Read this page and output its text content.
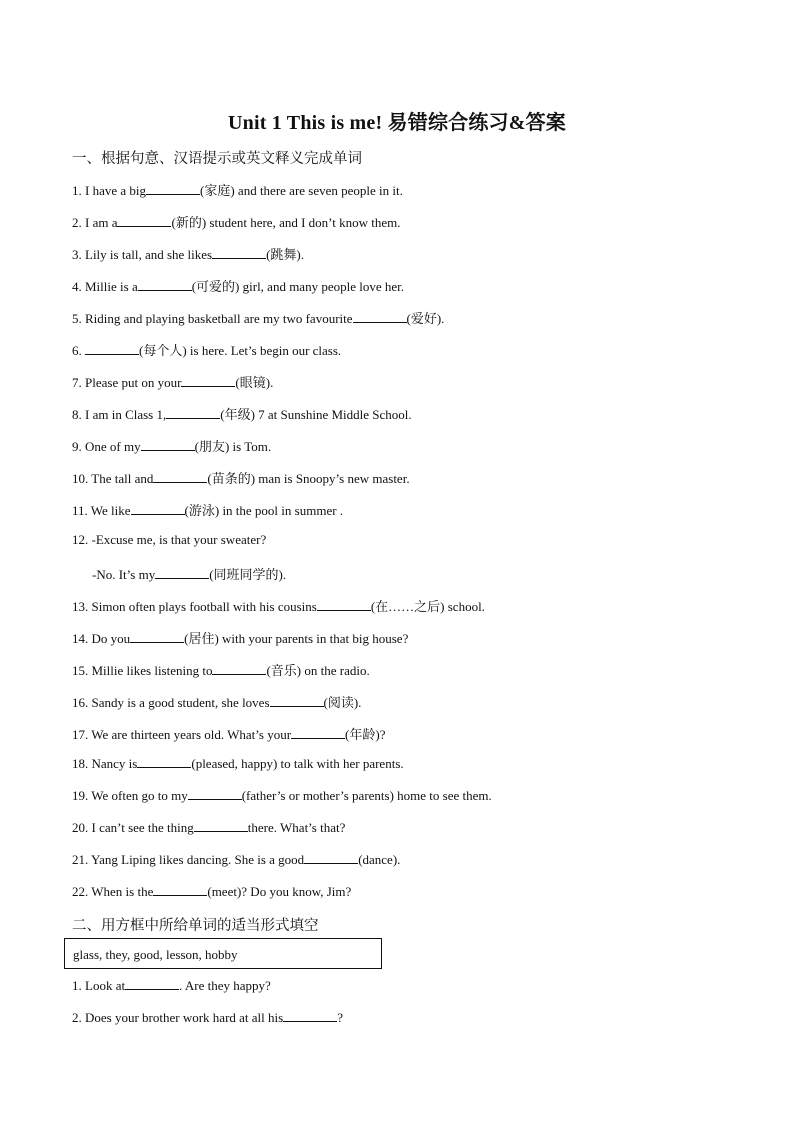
Unit 1 This is me! 易错综合练习&答案
一、根据句意、汉语提示或英文释义完成单词
1. I have a big	(家庭) and there are seven people in it.
2. I am a	(新的) student here, and I don’t know them.
3. Lily is tall, and she likes	(跳舞).
4. Millie is a	(可爱的) girl, and many people love her.
5. Riding and playing basketball are my two favourite	(爱好).
6.	(每个人) is here. Let’s begin our class.
7. Please put on your	(眼镜).
8. I am in Class 1,	(年级) 7 at Sunshine Middle School.
9. One of my	(朋友) is Tom.
10. The tall and	(苗条的) man is Snoopy’s new master.
11. We like	(游泳) in the pool in summer .
12. -Excuse me, is that your sweater?
-No. It’s my	(同班同学的).
13. Simon often plays football with his cousins	(在……之后) school.
14. Do you	(居住) with your parents in that big house?
15. Millie likes listening to	(音乐) on the radio.
16. Sandy is a good student, she loves	(阅读).
17. We are thirteen years old. What’s your	(年龄)?
18. Nancy is	(pleased, happy) to talk with her parents.
19. We often go to my	(father’s or mother’s parents) home to see them.
20. I can’t see the thing	there. What’s that?
21. Yang Liping likes dancing. She is a good	(dance).
22. When is the	(meet)? Do you know, Jim?
二、用方框中所给单词的适当形式填空
glass, they, good, lesson, hobby
1. Look at	. Are they happy?
2. Does your brother work hard at all his	?
